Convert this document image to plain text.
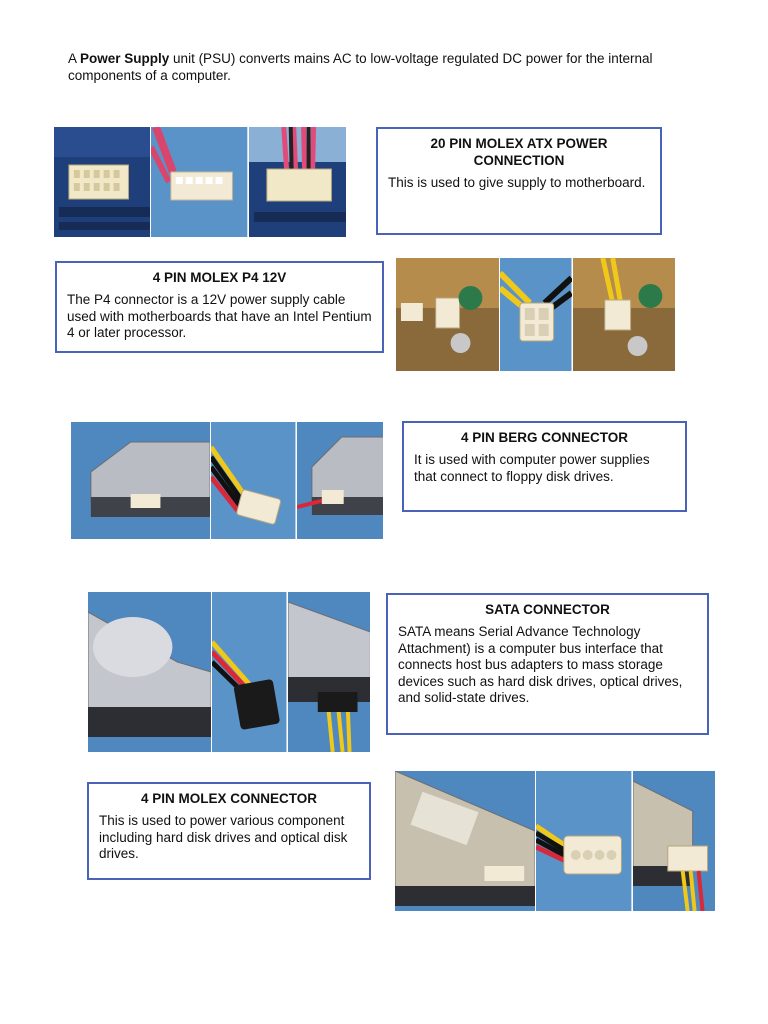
A Power Supply unit (PSU) converts mains AC to low-voltage regulated DC power for the internal components of a computer.
20 PIN MOLEX ATX POWER CONNECTION

This is used to give supply to motherboard.

4 PIN MOLEX P4 12V

The P4 connector is a 12V power supply cable used with motherboards that have an Intel Pentium 4 or later processor.

4 PIN BERG CONNECTOR

It is used with computer power supplies that connect to floppy disk drives.

SATA CONNECTOR

SATA means Serial Advance Technology Attachment) is a computer bus interface that connects host bus adapters to mass storage devices such as hard disk drives, optical drives, and solid-state drives.

4 PIN MOLEX CONNECTOR

This is used to power various component including hard disk drives and optical disk drives.
